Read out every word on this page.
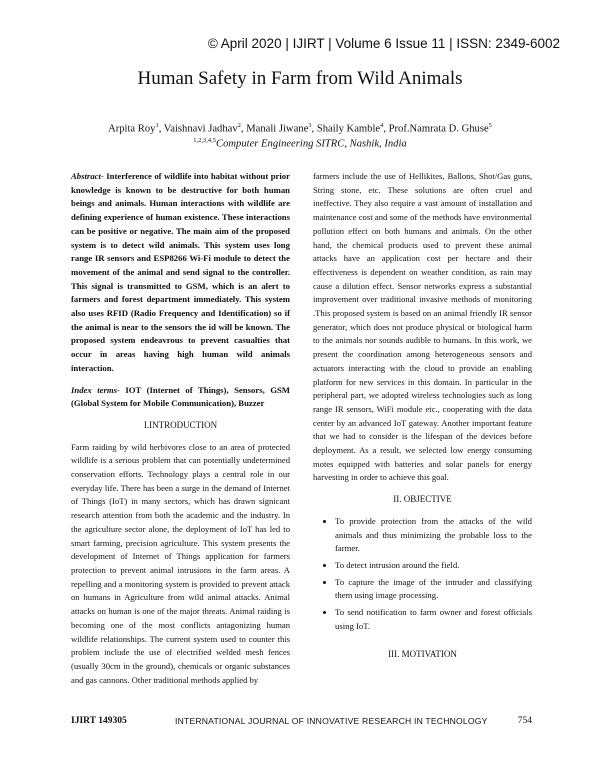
© April 2020 | IJIRT | Volume 6 Issue 11 | ISSN: 2349-6002
Human Safety in Farm from Wild Animals
Arpita Roy$^1$, Vaishnavi Jadhav$^2$, Manali Jiwane$^3$, Shaily Kamble$^4$, Prof.Namrata D. Ghuse$^5$
$^{1,2,3,4,5}$Computer Engineering SITRC, Nashik, India

Abstract- Interference of wildlife into habitat without prior knowledge is known to be destructive for both human beings and animals. Human interactions with wildlife are defining experience of human existence. These interactions can be positive or negative. The main aim of the proposed system is to detect wild animals. This system uses long range IR sensors and ESP8266 Wi-Fi module to detect the movement of the animal and send signal to the controller. This signal is transmitted to GSM, which is an alert to farmers and forest department immediately. This system also uses RFID (Radio Frequency and Identification) so if the animal is near to the sensors the id will be known. The proposed system endeavrous to prevent casualties that occur in areas having high human wild animals interaction.

Index terms- IOT (Internet of Things), Sensors, GSM (Global System for Mobile Communication), Buzzer

I.INTRODUCTION

Farm raiding by wild herbivores close to an area of protected wildlife is a serious problem that can potentially undetermined conservation efforts. Technology plays a central role in our everyday life. There has been a surge in the demand of Internet of Things (IoT) in many sectors, which has drawn signicant research attention from both the academic and the industry. In the agriculture sector alone, the deployment of IoT has led to smart farming, precision agriculture. This system presents the development of Internet of Things application for farmers protection to prevent animal intrusions in the farm areas. A repelling and a monitoring system is provided to prevent attack on humans in Agriculture from wild animal attacks. Animal attacks on human is one of the major threats. Animal raiding is becoming one of the most conflicts antagonizing human wildlife relationships. The current system used to counter this problem include the use of electrified welded mesh fences (usually 30cm in the ground), chemicals or organic substances and gas cannons. Other traditional methods applied by

farmers include the use of Hellikites, Ballons, Shot/Gas guns, String stone, etc. These solutions are often cruel and ineffective. They also require a vast amount of installation and maintenance cost and some of the methods have environmental pollution effect on both humans and animals. On the other hand, the chemical products used to prevent these animal attacks have an application cost per hectare and their effectiveness is dependent on weather condition, as rain may cause a dilution effect. Sensor networks express a substantial improvement over traditional invasive methods of monitoring .This proposed system is based on an animal friendly IR sensor generator, which does not produce physical or biological harm to the animals nor sounds audible to humans. In this work, we present the coordination among heterogeneous sensors and actuators interacting with the cloud to provide an enabling platform for new services in this domain. In particular in the peripheral part, we adopted wireless technologies such as long range IR sensors, WiFi module etc., cooperating with the data center by an advanced IoT gateway. Another important feature that we had to consider is the lifespan of the devices before deployment. As a result, we selected low energy consuming motes equipped with batteries and solar panels for energy harvesting in order to achieve this goal.

II. OBJECTIVE

• To provide protection from the attacks of the wild animals and thus minimizing the probable loss to the farmer.
• To detect intrusion around the field.
• To capture the image of the intruder and classifying them using image processing.
• To send notification to farm owner and forest officials using IoT.

III. MOTIVATION

IJIRT 149305	INTERNATIONAL JOURNAL OF INNOVATIVE RESEARCH IN TECHNOLOGY	754
